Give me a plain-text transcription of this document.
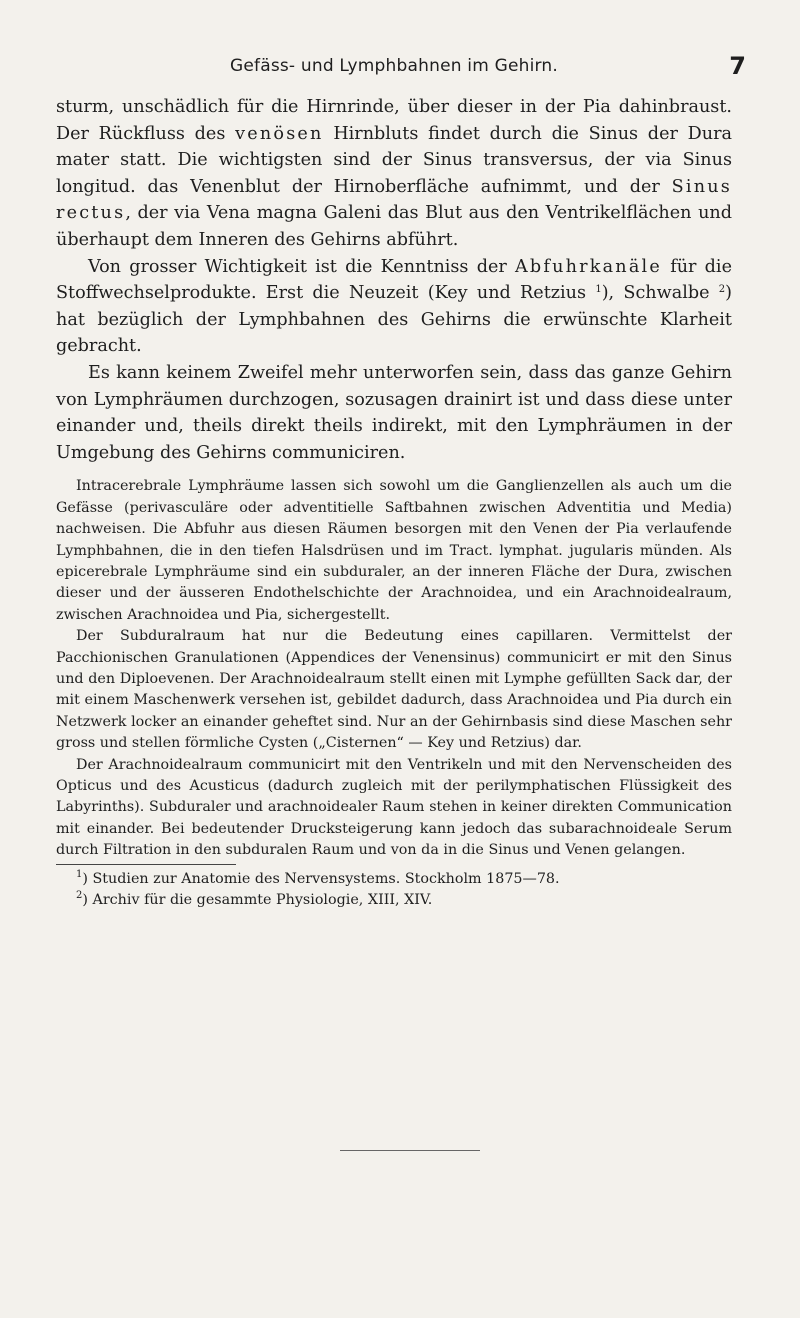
Gefäss- und Lymphbahnen im Gehirn.	7

sturm, unschädlich für die Hirnrinde, über dieser in der Pia dahinbraust. Der Rückfluss des venösen Hirnbluts findet durch die Sinus der Dura mater statt. Die wichtigsten sind der Sinus transversus, der via Sinus longitud. das Venenblut der Hirnoberfläche aufnimmt, und der Sinus rectus, der via Vena magna Galeni das Blut aus den Ventrikelflächen und überhaupt dem Inneren des Gehirns abführt.

Von grosser Wichtigkeit ist die Kenntniss der Abfuhrkanäle für die Stoffwechselprodukte. Erst die Neuzeit (Key und Retzius $^1$), Schwalbe $^2$) hat bezüglich der Lymphbahnen des Gehirns die erwünschte Klarheit gebracht.

Es kann keinem Zweifel mehr unterworfen sein, dass das ganze Gehirn von Lymphräumen durchzogen, sozusagen drainirt ist und dass diese unter einander und, theils direkt theils indirekt, mit den Lymphräumen in der Umgebung des Gehirns communiciren.

Intracerebrale Lymphräume lassen sich sowohl um die Ganglienzellen als auch um die Gefässe (perivasculäre oder adventitielle Saftbahnen zwischen Adventitia und Media) nachweisen. Die Abfuhr aus diesen Räumen besorgen mit den Venen der Pia verlaufende Lymphbahnen, die in den tiefen Halsdrüsen und im Tract. lymphat. jugularis münden. Als epicerebrale Lymphräume sind ein subduraler, an der inneren Fläche der Dura, zwischen dieser und der äusseren Endothelschichte der Arachnoidea, und ein Arachnoidealraum, zwischen Arachnoidea und Pia, sichergestellt.

Der Subduralraum hat nur die Bedeutung eines capillaren. Vermittelst der Pacchionischen Granulationen (Appendices der Venensinus) communicirt er mit den Sinus und den Diploevenen. Der Arachnoidealraum stellt einen mit Lymphe gefüllten Sack dar, der mit einem Maschenwerk versehen ist, gebildet dadurch, dass Arachnoidea und Pia durch ein Netzwerk locker an einander geheftet sind. Nur an der Gehirnbasis sind diese Maschen sehr gross und stellen förmliche Cysten („Cisternen“ — Key und Retzius) dar.

Der Arachnoidealraum communicirt mit den Ventrikeln und mit den Nervenscheiden des Opticus und des Acusticus (dadurch zugleich mit der perilymphatischen Flüssigkeit des Labyrinths). Subduraler und arachnoidealer Raum stehen in keiner direkten Communication mit einander. Bei bedeutender Drucksteigerung kann jedoch das subarachnoideale Serum durch Filtration in den subduralen Raum und von da in die Sinus und Venen gelangen.

$^1$) Studien zur Anatomie des Nervensystems. Stockholm 1875—78.

$^2$) Archiv für die gesammte Physiologie, XIII, XIV.
